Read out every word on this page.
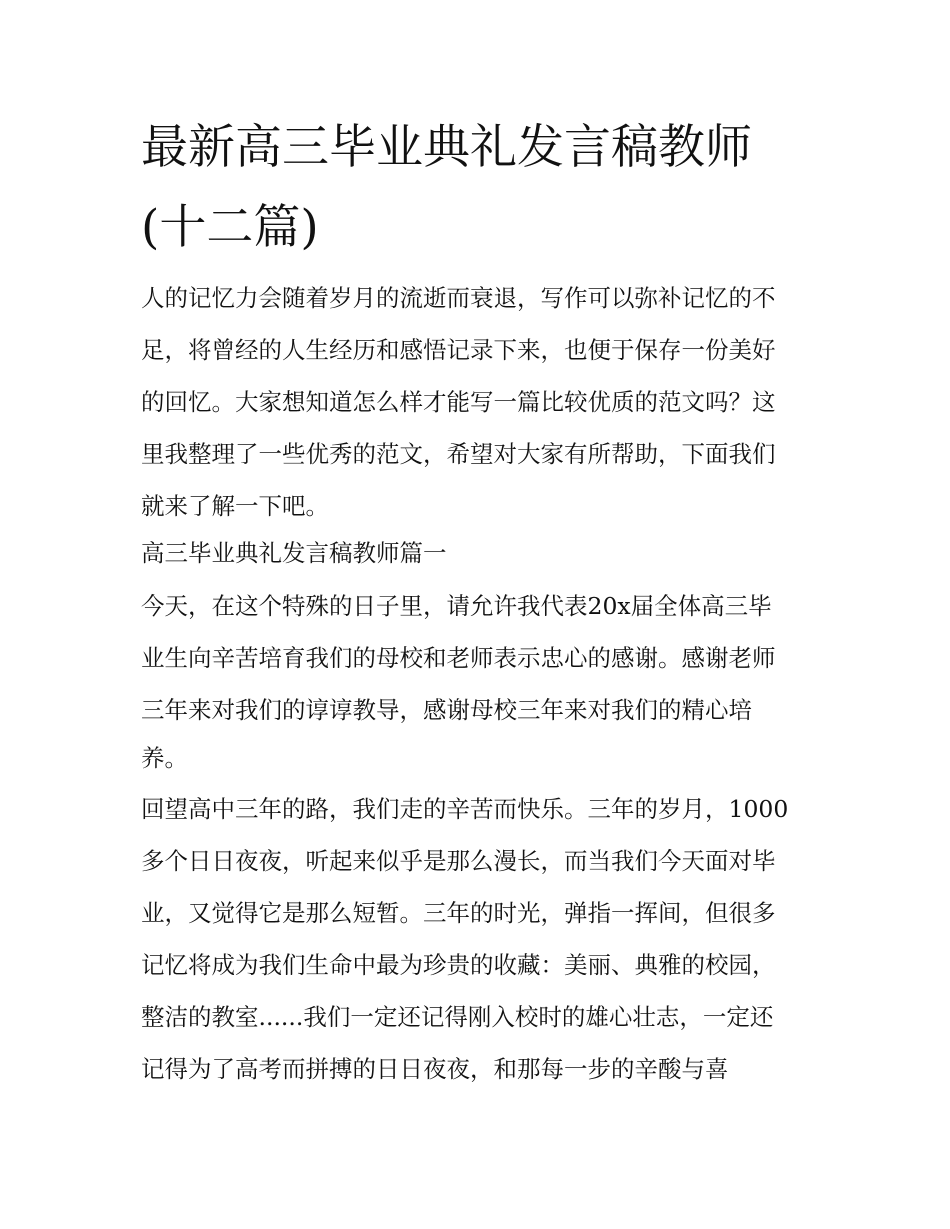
最新高三毕业典礼发言稿教师
(十二篇)

人的记忆力会随着岁月的流逝而衰退，写作可以弥补记忆的不

足，将曾经的人生经历和感悟记录下来，也便于保存一份美好

的回忆。大家想知道怎么样才能写一篇比较优质的范文吗？这

里我整理了一些优秀的范文，希望对大家有所帮助，下面我们

就来了解一下吧。

高三毕业典礼发言稿教师篇一

今天，在这个特殊的日子里，请允许我代表20x届全体高三毕

业生向辛苦培育我们的母校和老师表示忠心的感谢。感谢老师

三年来对我们的谆谆教导，感谢母校三年来对我们的精心培

养。

回望高中三年的路，我们走的辛苦而快乐。三年的岁月，1000

多个日日夜夜，听起来似乎是那么漫长，而当我们今天面对毕

业，又觉得它是那么短暂。三年的时光，弹指一挥间，但很多

记忆将成为我们生命中最为珍贵的收藏：美丽、典雅的校园，

整洁的教室......我们一定还记得刚入校时的雄心壮志，一定还

记得为了高考而拼搏的日日夜夜，和那每一步的辛酸与喜
